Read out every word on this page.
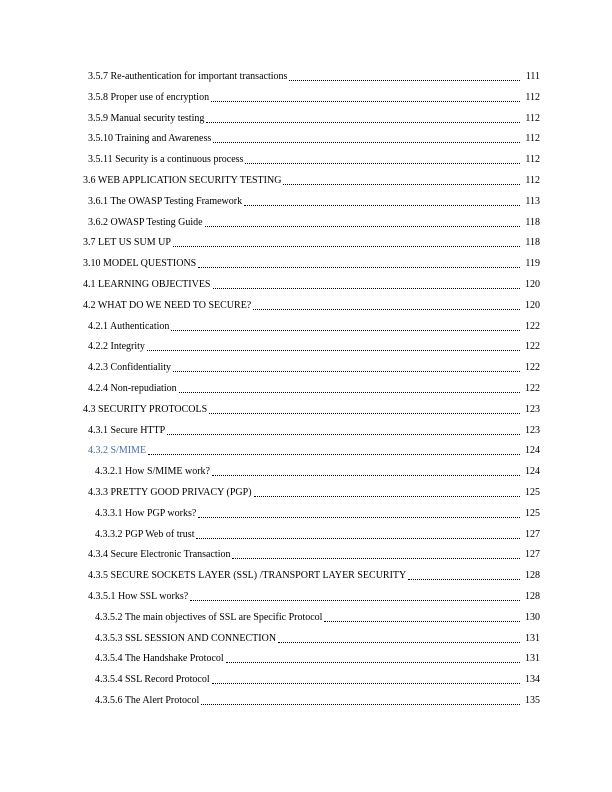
3.5.7 Re-authentication for important transactions	111
3.5.8 Proper use of encryption	112
3.5.9 Manual security testing	112
3.5.10 Training and Awareness	112
3.5.11 Security is a continuous process	112
3.6 WEB APPLICATION SECURITY TESTING	112
3.6.1 The OWASP Testing Framework	113
3.6.2 OWASP Testing Guide	118
3.7 LET US SUM UP	118
3.10 MODEL QUESTIONS	119
4.1 LEARNING OBJECTIVES	120
4.2 WHAT DO WE NEED TO SECURE?	120
4.2.1 Authentication	122
4.2.2 Integrity	122
4.2.3 Confidentiality	122
4.2.4 Non-repudiation	122
4.3 SECURITY PROTOCOLS	123
4.3.1 Secure HTTP	123
4.3.2 S/MIME	124
4.3.2.1 How S/MIME work?	124
4.3.3 PRETTY GOOD PRIVACY (PGP)	125
4.3.3.1 How PGP works?	125
4.3.3.2 PGP Web of trust	127
4.3.4 Secure Electronic Transaction	127
4.3.5 SECURE SOCKETS LAYER (SSL) /TRANSPORT LAYER SECURITY	128
4.3.5.1 How SSL works?	128
4.3.5.2 The main objectives of SSL are Specific Protocol	130
4.3.5.3 SSL SESSION AND CONNECTION	131
4.3.5.4 The Handshake Protocol	131
4.3.5.4 SSL Record Protocol	134
4.3.5.6 The Alert Protocol	135
